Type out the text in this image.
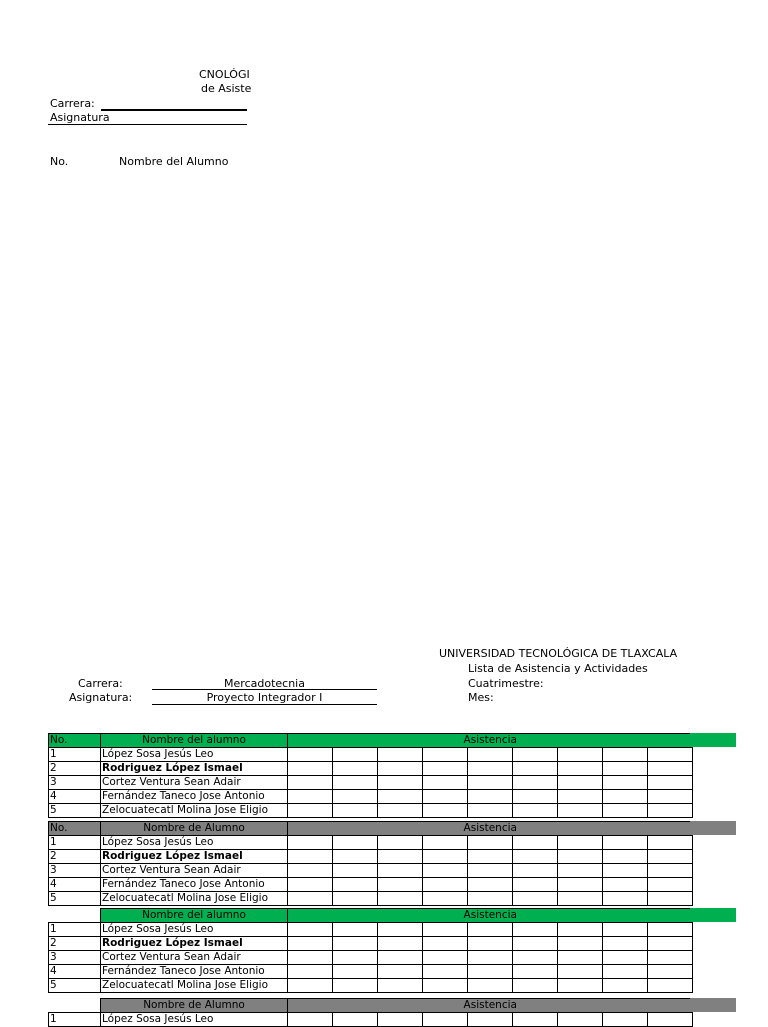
CNOLÓGI
de Asiste
Carrera:
Asignatura
No.	Nombre del Alumno
UNIVERSIDAD TECNOLÓGICA DE TLAXCALA
Lista de Asistencia y Actividades
Cuatrimestre:
Mes:
Carrera:	Mercadotecnia
Asignatura:	Proyecto Integrador I
No.	Nombre del alumno	Asistencia								
1	López Sosa Jesús Leo									
2	Rodriguez López Ismael									
3	Cortez Ventura Sean Adair									
4	Fernández Taneco Jose Antonio									
5	Zelocuatecatl Molina Jose Eligio									
No.	Nombre de Alumno	Asistencia								
1	López Sosa Jesús Leo									
2	Rodriguez López Ismael									
3	Cortez Ventura Sean Adair									
4	Fernández Taneco Jose Antonio									
5	Zelocuatecatl Molina Jose Eligio									
	Nombre del alumno	Asistencia								
1	López Sosa Jesús Leo									
2	Rodriguez López Ismael									
3	Cortez Ventura Sean Adair									
4	Fernández Taneco Jose Antonio									
5	Zelocuatecatl Molina Jose Eligio									
	Nombre de Alumno	Asistencia								
1	López Sosa Jesús Leo									
